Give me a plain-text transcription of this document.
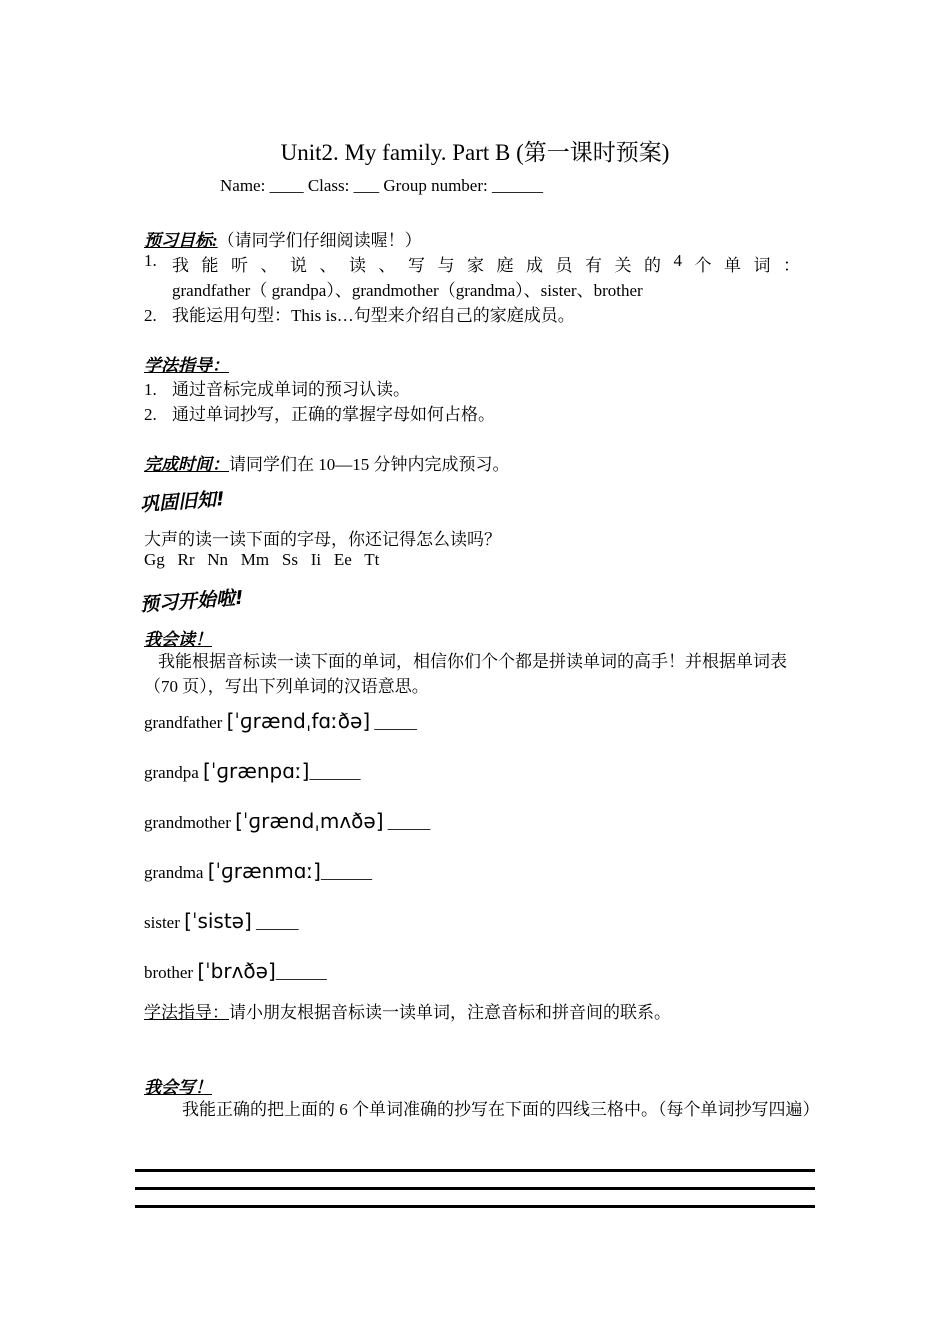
Unit2. My family. Part B (第一课时预案)
Name: ____ Class: ___ Group number: ______
预习目标:（请同学们仔细阅读喔！）
1. 我 能 听 、 说 、 读 、 写 与 家 庭 成 员 有 关 的 4 个 单 词 ：
grandfather（ grandpa）、grandmother（grandma）、sister、brother
2. 我能运用句型：This is…句型来介绍自己的家庭成员。
学法指导：
1. 通过音标完成单词的预习认读。
2. 通过单词抄写，正确的掌握字母如何占格。
完成时间：请同学们在 10—15 分钟内完成预习。
巩固旧知!
大声的读一读下面的字母，你还记得怎么读吗？
Gg   Rr   Nn   Mm   Ss   Ii   Ee   Tt
预习开始啦!
我会读！
我能根据音标读一读下面的单词，相信你们个个都是拼读单词的高手！并根据单词表（70 页），写出下列单词的汉语意思。
grandfather [ˈɡrændˌfɑːðə] _____
grandpa [ˈɡrænpɑː]______
grandmother [ˈɡrændˌmʌðə] _____
grandma [ˈɡrænmɑː]______
sister [ˈsistə] _____
brother [ˈbrʌðə]______
学法指导：请小朋友根据音标读一读单词，注意音标和拼音间的联系。
我会写！
我能正确的把上面的 6 个单词准确的抄写在下面的四线三格中。（每个单词抄写四遍）
